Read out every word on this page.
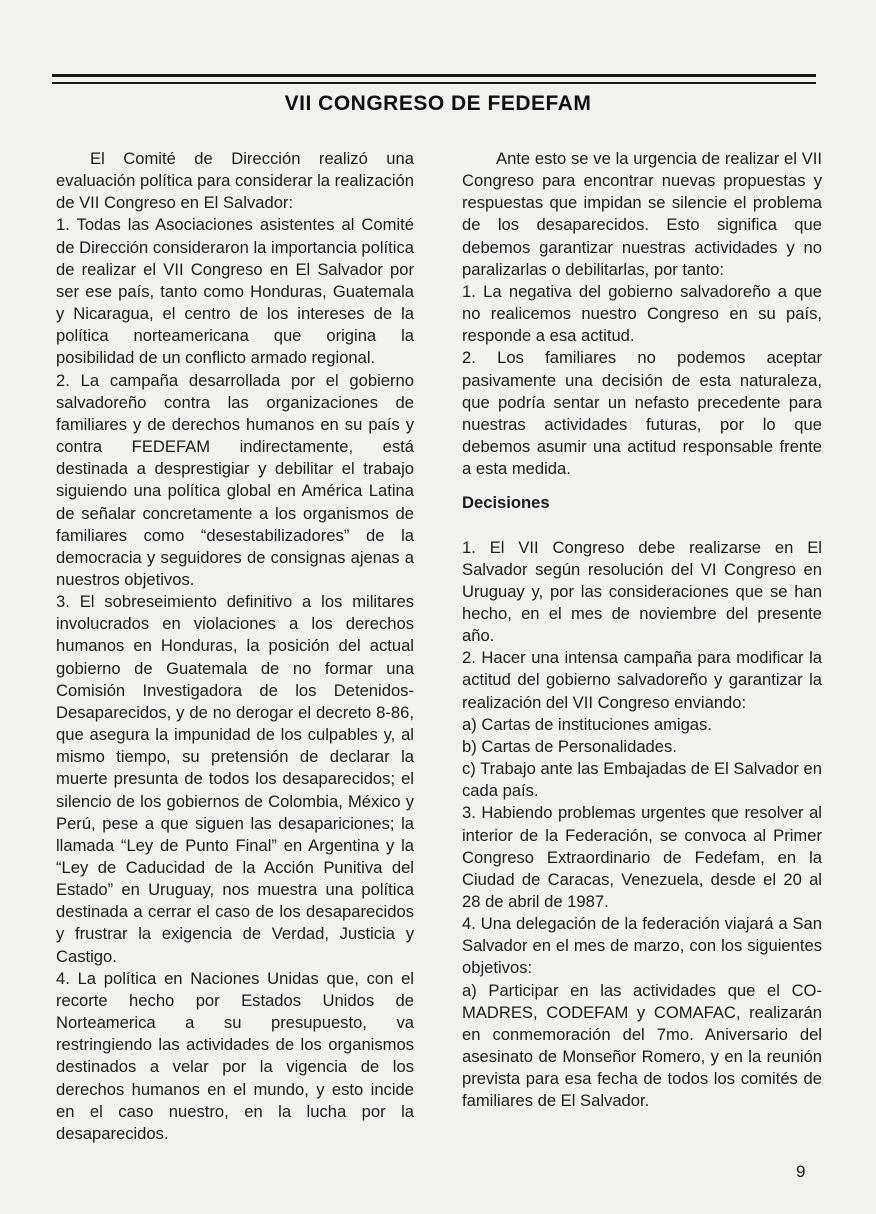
VII CONGRESO DE FEDEFAM

El Comité de Dirección realizó una evaluación política para considerar la realización de VII Congreso en El Salvador:

1. Todas las Asociaciones asistentes al Comité de Dirección consideraron la importancia política de realizar el VII Congreso en El Salvador por ser ese país, tanto como Honduras, Guatemala y Nicaragua, el centro de los intereses de la política norteamericana que origina la posibilidad de un conflicto armado regional.

2. La campaña desarrollada por el gobierno salvadoreño contra las organizaciones de familiares y de derechos humanos en su país y contra FEDEFAM indirectamente, está destinada a desprestigiar y debilitar el trabajo siguiendo una política global en América Latina de señalar concretamente a los organismos de familiares como “desestabilizadores” de la democracia y seguidores de consignas ajenas a nuestros objetivos.

3. El sobreseimiento definitivo a los militares involucrados en violaciones a los derechos humanos en Honduras, la posición del actual gobierno de Guatemala de no formar una Comisión Investigadora de los Detenidos-Desaparecidos, y de no derogar el decreto 8-86, que asegura la impunidad de los culpables y, al mismo tiempo, su pretensión de declarar la muerte presunta de todos los desaparecidos; el silencio de los gobiernos de Colombia, México y Perú, pese a que siguen las desapariciones; la llamada “Ley de Punto Final” en Argentina y la “Ley de Caducidad de la Acción Punitiva del Estado” en Uruguay, nos muestra una política destinada a cerrar el caso de los desaparecidos y frustrar la exigencia de Verdad, Justicia y Castigo.

4. La política en Naciones Unidas que, con el recorte hecho por Estados Unidos de Norteamerica a su presupuesto, va restringiendo las actividades de los organismos destinados a velar por la vigencia de los derechos humanos en el mundo, y esto incide en el caso nuestro, en la lucha por la desaparecidos.

Ante esto se ve la urgencia de realizar el VII Congreso para encontrar nuevas propuestas y respuestas que impidan se silencie el problema de los desaparecidos. Esto significa que debemos garantizar nuestras actividades y no paralizarlas o debilitarlas, por tanto:

1. La negativa del gobierno salvadoreño a que no realicemos nuestro Congreso en su país, responde a esa actitud.

2. Los familiares no podemos aceptar pasivamente una decisión de esta naturaleza, que podría sentar un nefasto precedente para nuestras actividades futuras, por lo que debemos asumir una actitud responsable frente a esta medida.

Decisiones

1. El VII Congreso debe realizarse en El Salvador según resolución del VI Congreso en Uruguay y, por las consideraciones que se han hecho, en el mes de noviembre del presente año.

2. Hacer una intensa campaña para modificar la actitud del gobierno salvadoreño y garantizar la realización del VII Congreso enviando:

a) Cartas de instituciones amigas.

b) Cartas de Personalidades.

c) Trabajo ante las Embajadas de El Salvador en cada país.

3. Habiendo problemas urgentes que resolver al interior de la Federación, se convoca al Primer Congreso Extraordinario de Fedefam, en la Ciudad de Caracas, Venezuela, desde el 20 al 28 de abril de 1987.

4. Una delegación de la federación viajará a San Salvador en el mes de marzo, con los siguientes objetivos:

a) Participar en las actividades que el CO-MADRES, CODEFAM y COMAFAC, realizarán en conmemoración del 7mo. Aniversario del asesinato de Monseñor Romero, y en la reunión prevista para esa fecha de todos los comités de familiares de El Salvador.

9
